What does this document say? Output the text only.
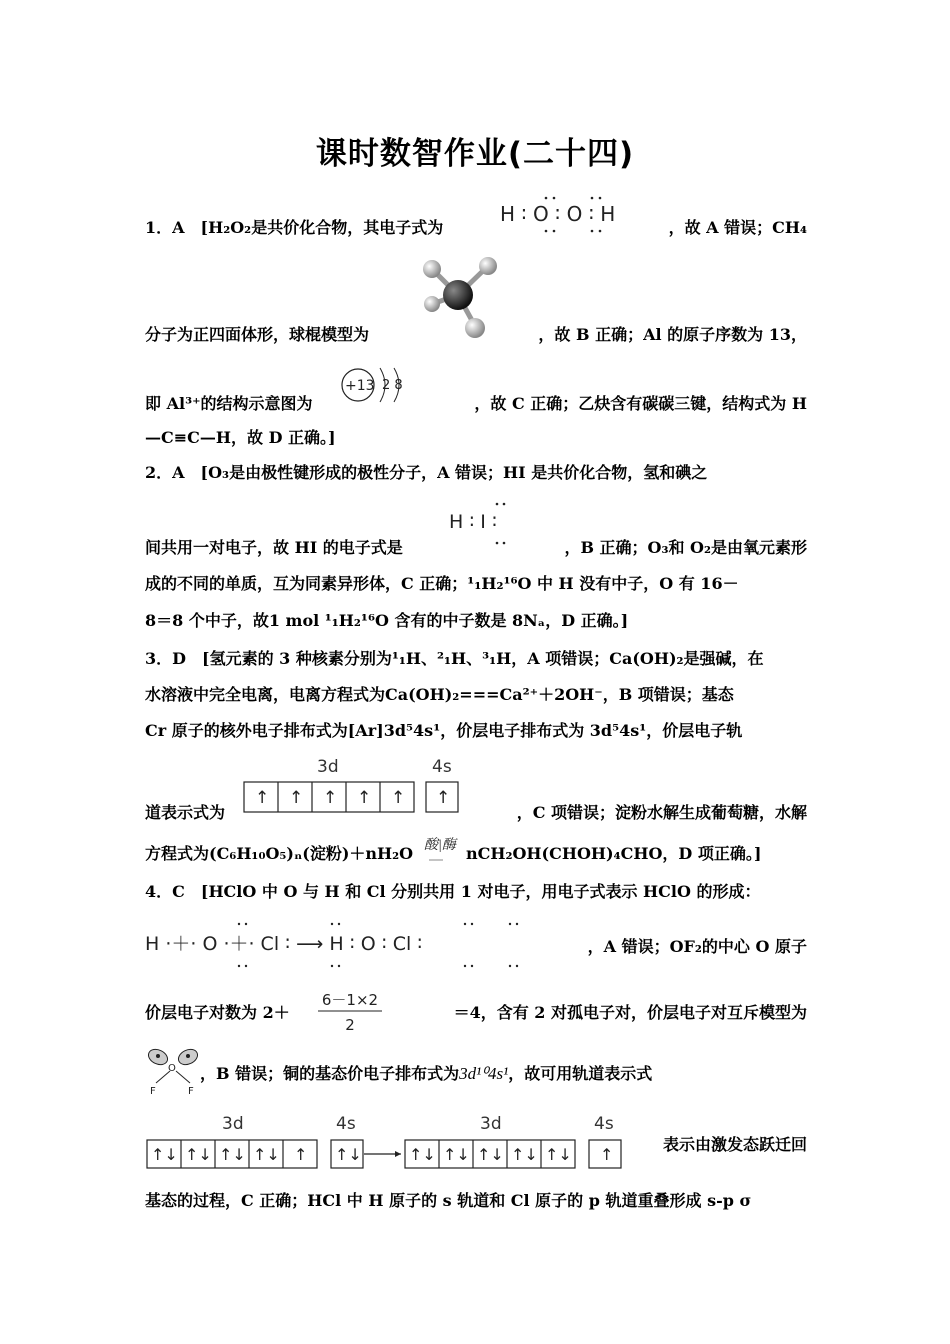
课时数智作业(二十四)
1．A　[H₂O₂是共价化合物，其电子式为
H ∶ O ∶ O ∶ H
，故 A 错误；CH₄
分子为正四面体形，球棍模型为	，故 B 正确；Al 的原子序数为 13，
即 Al³⁺的结构示意图为
+13 2 8
，故 C 正确；乙炔含有碳碳三键，结构式为 H
—C≡C—H，故 D 正确。]
2．A　[O₃是由极性键形成的极性分子，A 错误；HI 是共价化合物，氢和碘之
H ∶ I ∶
间共用一对电子，故 HI 的电子式是	，B 正确；O₃和 O₂是由氧元素形
成的不同的单质，互为同素异形体，C 正确；¹₁H₂¹⁶O 中 H 没有中子，O 有 16－
8＝8 个中子，故1 mol ¹₁H₂¹⁶O 含有的中子数是 8Nₐ，D 正确。]
3．D　[氢元素的 3 种核素分别为¹₁H、²₁H、³₁H，A 项错误；Ca(OH)₂是强碱，在
水溶液中完全电离，电离方程式为Ca(OH)₂===Ca²⁺＋2OH⁻，B 项错误；基态
Cr 原子的核外电子排布式为[Ar]3d⁵4s¹，价层电子排布式为 3d⁵4s¹，价层电子轨
3d	4s
↑ ↑ ↑ ↑ ↑ ↑
道表示式为	，C 项错误；淀粉水解生成葡萄糖，水解
方程式为(C₆H₁₀O₅)ₙ(淀粉)＋nH₂O 酸|酶 nCH₂OH(CHOH)₄CHO，D 项正确。]
4．C　[HClO 中 O 与 H 和 Cl 分别共用 1 对电子，用电子式表示 HClO 的形成：
H ·＋· O ·＋· Cl ∶ ⟶ H ∶ O ∶ Cl ∶	，A 错误；OF₂的中心 O 原子
价层电子对数为 2＋
6－1×2
2
＝4，含有 2 对孤电子对，价层电子对互斥模型为
O
F	F
，B 错误；铜的基态价电子排布式为3d¹⁰4s¹，故可用轨道表示式
3d	4s	3d	4s
↑↓ ↑↓ ↑↓ ↑↓ ↑ ↑↓	↑↓ ↑↓ ↑↓ ↑↓ ↑↓ ↑
表示由激发态跃迁回
基态的过程，C 正确；HCl 中 H 原子的 s 轨道和 Cl 原子的 p 轨道重叠形成 s-p σ
